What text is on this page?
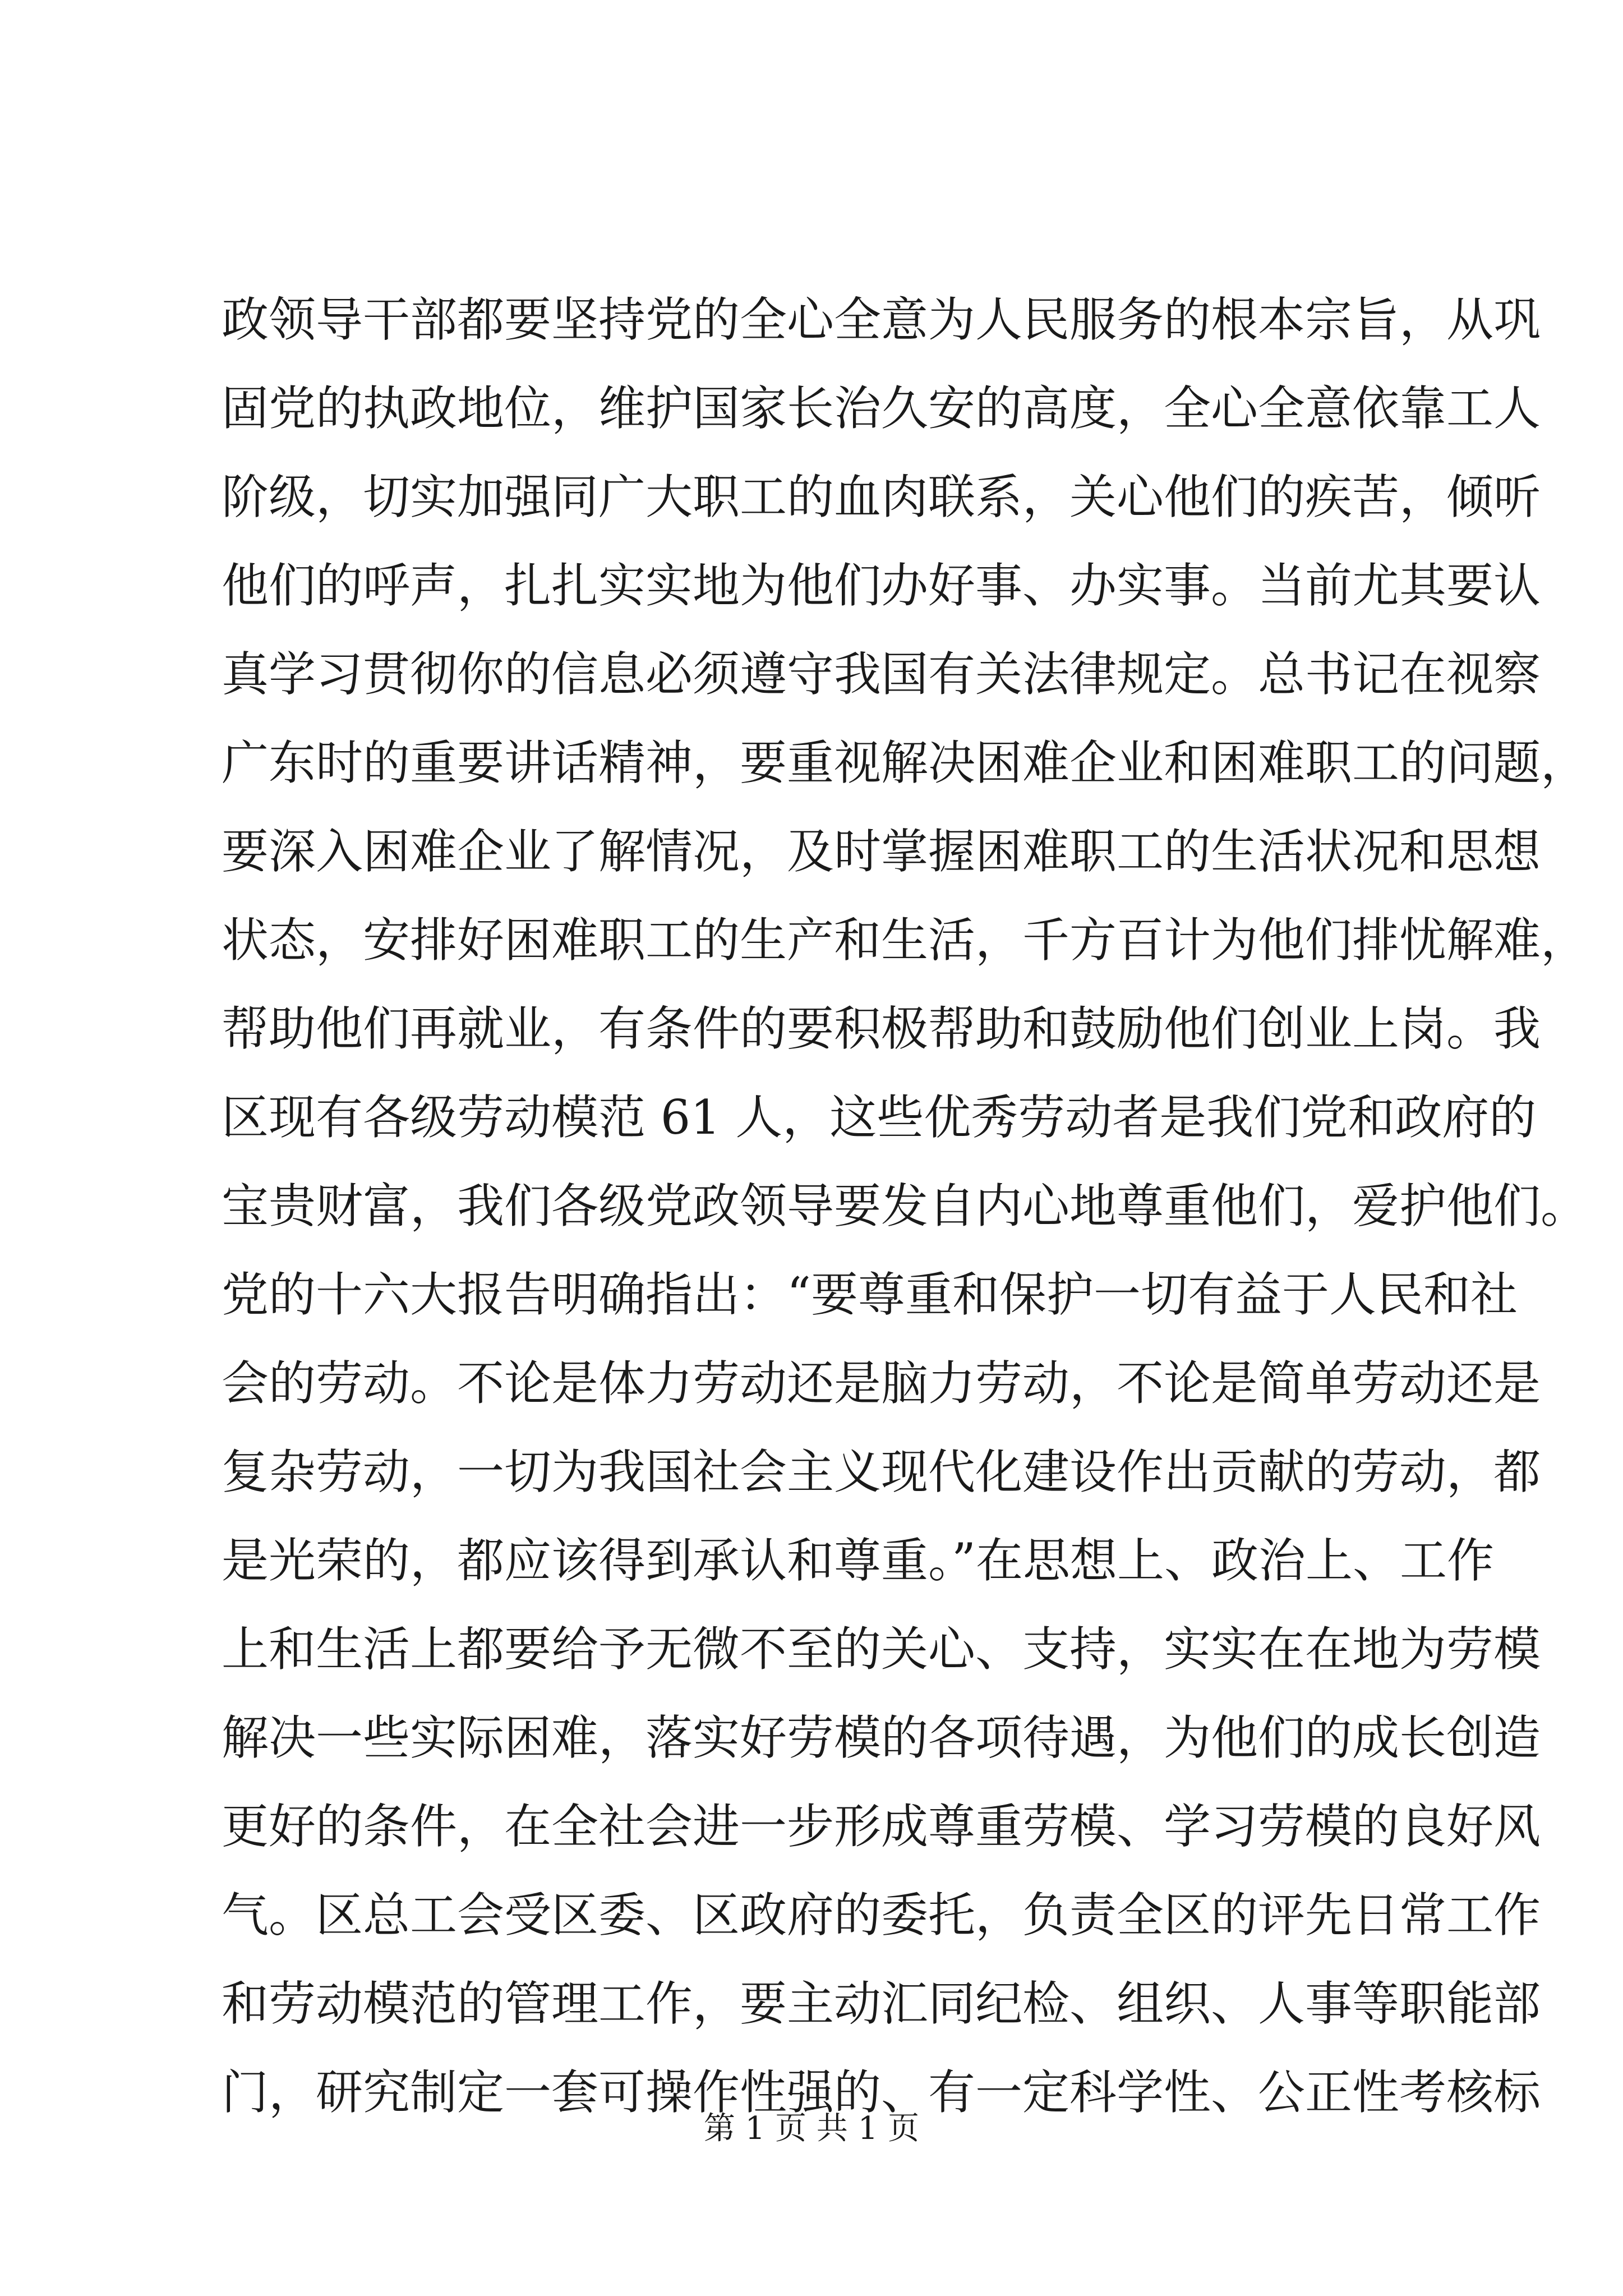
政领导干部都要坚持党的全心全意为人民服务的根本宗旨，从巩
固党的执政地位，维护国家长治久安的高度，全心全意依靠工人
阶级，切实加强同广大职工的血肉联系，关心他们的疾苦，倾听
他们的呼声，扎扎实实地为他们办好事、办实事。当前尤其要认
真学习贯彻你的信息必须遵守我国有关法律规定。总书记在视察
广东时的重要讲话精神，要重视解决困难企业和困难职工的问题，
要深入困难企业了解情况，及时掌握困难职工的生活状况和思想
状态，安排好困难职工的生产和生活，千方百计为他们排忧解难，
帮助他们再就业，有条件的要积极帮助和鼓励他们创业上岗。我
区现有各级劳动模范 61 人，这些优秀劳动者是我们党和政府的
宝贵财富，我们各级党政领导要发自内心地尊重他们，爱护他们。
党的十六大报告明确指出：“要尊重和保护一切有益于人民和社
会的劳动。不论是体力劳动还是脑力劳动，不论是简单劳动还是
复杂劳动，一切为我国社会主义现代化建设作出贡献的劳动，都
是光荣的，都应该得到承认和尊重。”在思想上、政治上、工作
上和生活上都要给予无微不至的关心、支持，实实在在地为劳模
解决一些实际困难，落实好劳模的各项待遇，为他们的成长创造
更好的条件，在全社会进一步形成尊重劳模、学习劳模的良好风
气。区总工会受区委、区政府的委托，负责全区的评先日常工作
和劳动模范的管理工作，要主动汇同纪检、组织、人事等职能部
门，研究制定一套可操作性强的、有一定科学性、公正性考核标
第 1 页 共 1 页
